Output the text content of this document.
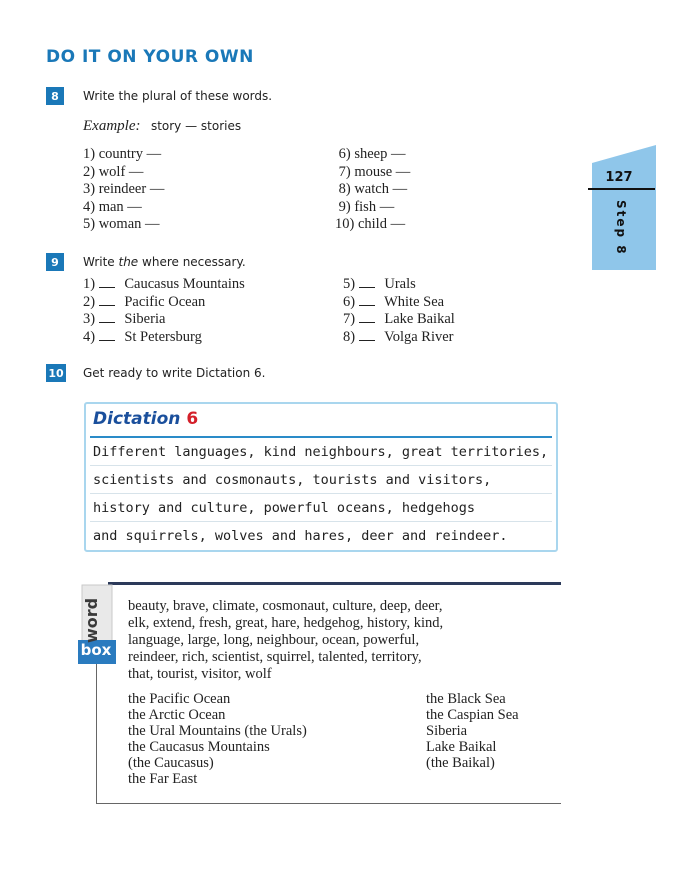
DO IT ON YOUR OWN
127
Step 8
8	Write the plural of these words.
Example: story — stories
1) country —
2) wolf —
3) reindeer —
4) man —
5) woman —
6) sheep —
7) mouse —
8) watch —
9) fish —
10) child —
9	Write the where necessary.
1) Caucasus Mountains
2) Pacific Ocean
3) Siberia
4) St Petersburg
5) Urals
6) White Sea
7) Lake Baikal
8) Volga River
10 Get ready to write Dictation 6.
Dictation 6
Different languages, kind neighbours, great territories,
scientists and cosmonauts, tourists and visitors,
history and culture, powerful oceans, hedgehogs
and squirrels, wolves and hares, deer and reindeer.
word
box
beauty, brave, climate, cosmonaut, culture, deep, deer,
elk, extend, fresh, great, hare, hedgehog, history, kind,
language, large, long, neighbour, ocean, powerful,
reindeer, rich, scientist, squirrel, talented, territory,
that, tourist, visitor, wolf
the Pacific Ocean
the Arctic Ocean
the Ural Mountains (the Urals)
the Caucasus Mountains
(the Caucasus)
the Far East
the Black Sea
the Caspian Sea
Siberia
Lake Baikal
(the Baikal)
